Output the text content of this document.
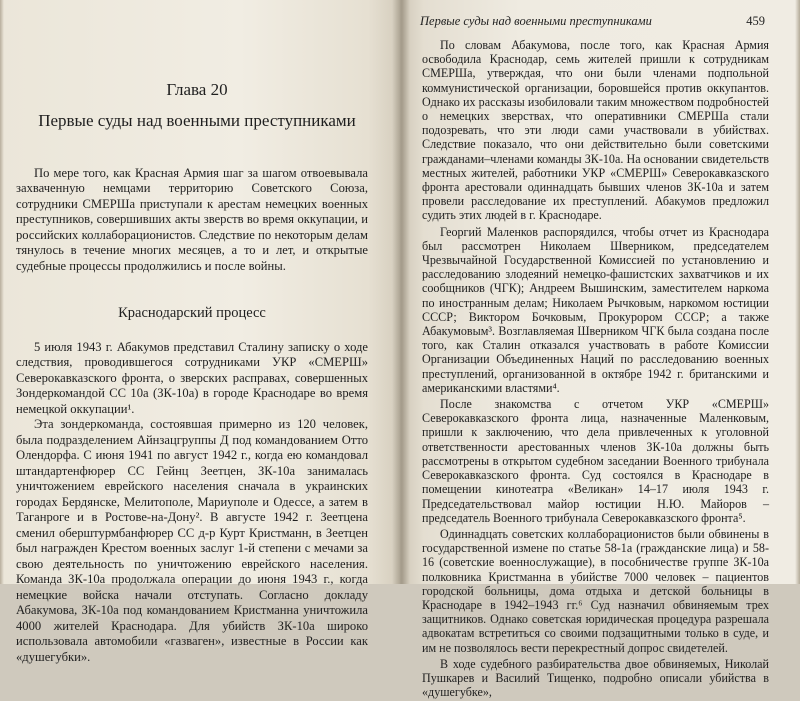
Глава 20
Первые суды над военными преступниками

По мере того, как Красная Армия шаг за шагом отвоевывала захваченную немцами территорию Советского Союза, сотрудники СМЕРШа приступали к арестам немецких военных преступников, совершивших акты зверств во время оккупации, и российских коллаборационистов. Следствие по некоторым делам тянулось в течение многих месяцев, а то и лет, и открытые судебные процессы продолжились и после войны.

Краснодарский процесс

5 июля 1943 г. Абакумов представил Сталину записку о ходе следствия, проводившегося сотрудниками УКР «СМЕРШ» Северокавказского фронта, о зверских расправах, совершенных Зондеркомандой СС 10а (ЗК-10а) в городе Краснодаре во время немецкой оккупации¹.

Эта зондеркоманда, состоявшая примерно из 120 человек, была подразделением Айнзацгруппы Д под командованием Отто Олендорфа. С июня 1941 по август 1942 г., когда ею командовал штандартенфюрер СС Гейнц Зеетцен, ЗК-10а занималась уничтожением еврейского населения сначала в украинских городах Бердянске, Мелитополе, Мариуполе и Одессе, а затем в Таганроге и в Ростове-на-Дону². В августе 1942 г. Зеетцена сменил оберштурмбанфюрер СС д-р Курт Кристманн, в Зеетцен был награжден Крестом военных заслуг 1-й степени с мечами за свою деятельность по уничтожению еврейского населения. Команда ЗК-10а продолжала операции до июня 1943 г., когда немецкие войска начали отступать. Согласно докладу Абакумова, ЗК-10а под командованием Кристманна уничтожила 4000 жителей Краснодара. Для убийств ЗК-10а широко использовала автомобили «газваген», известные в России как «душегубки».

Первые суды над военными преступниками	459

По словам Абакумова, после того, как Красная Армия освободила Краснодар, семь жителей пришли к сотрудникам СМЕРШа, утверждая, что они были членами подпольной коммунистической организации, боровшейся против оккупантов. Однако их рассказы изобиловали таким множеством подробностей о немецких зверствах, что оперативники СМЕРШа стали подозревать, что эти люди сами участвовали в убийствах. Следствие показало, что они действительно были советскими гражданами–членами команды ЗК-10а. На основании свидетельств местных жителей, работники УКР «СМЕРШ» Северокавказского фронта арестовали одиннадцать бывших членов ЗК-10а и затем провели расследование их преступлений. Абакумов предложил судить этих людей в г. Краснодаре.

Георгий Маленков распорядился, чтобы отчет из Краснодара был рассмотрен Николаем Шверником, председателем Чрезвычайной Государственной Комиссией по установлению и расследованию злодеяний немецко-фашистских захватчиков и их сообщников (ЧГК); Андреем Вышинским, заместителем наркома по иностранным делам; Николаем Рычковым, наркомом юстиции СССР; Виктором Бочковым, Прокурором СССР; а также Абакумовым³. Возглавляемая Шверником ЧГК была создана после того, как Сталин отказался участвовать в работе Комиссии Организации Объединенных Наций по расследованию военных преступлений, организованной в октябре 1942 г. британскими и американскими властями⁴.

После знакомства с отчетом УКР «СМЕРШ» Северокавказского фронта лица, назначенные Маленковым, пришли к заключению, что дела привлеченных к уголовной ответственности арестованных членов ЗК-10а должны быть рассмотрены в открытом судебном заседании Военного трибунала Северокавказского фронта. Суд состоялся в Краснодаре в помещении кинотеатра «Великан» 14–17 июля 1943 г. Председательствовал майор юстиции Н.Ю. Майоров – председатель Военного трибунала Северокавказского фронта⁵.

Одиннадцать советских коллаборационистов были обвинены в государственной измене по статье 58-1а (гражданские лица) и 58-16 (советские военнослужащие), в пособничестве группе ЗК-10а полковника Кристманна в убийстве 7000 человек – пациентов городской больницы, дома отдыха и детской больницы в Краснодаре в 1942–1943 гг.⁶ Суд назначил обвиняемым трех защитников. Однако советская юридическая процедура разрешала адвокатам встретиться со своими подзащитными только в суде, и им не позволялось вести перекрестный допрос свидетелей.

В ходе судебного разбирательства двое обвиняемых, Николай Пушкарев и Василий Тищенко, подробно описали убийства в «душегубке»,
